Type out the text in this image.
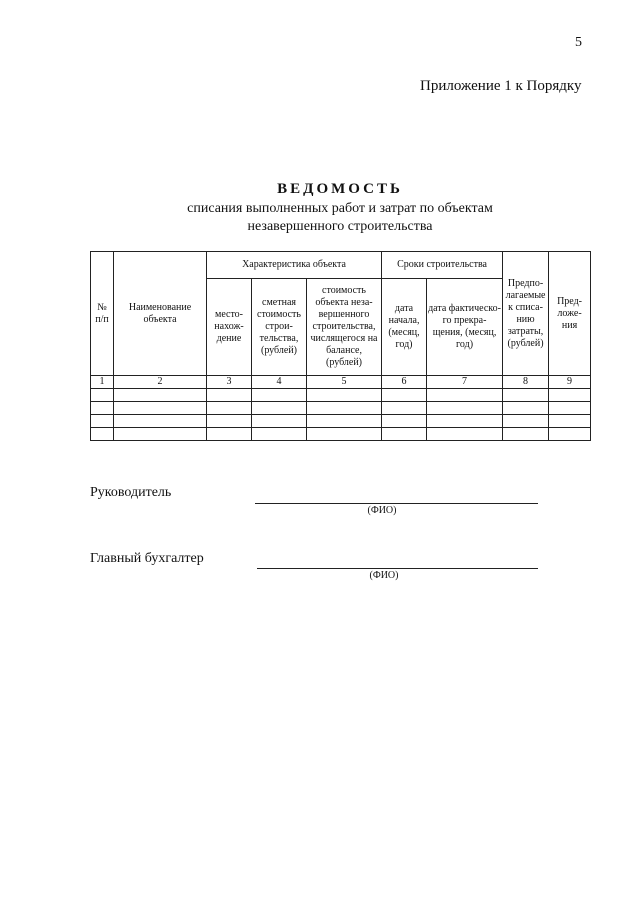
5
Приложение 1 к Порядку
ВЕДОМОСТЬ
списания выполненных работ и затрат по объектам
незавершенного строительства
№ п/п	Наименование объекта	Характеристика объекта			Сроки строительства		Предпо-лагаемые к списа-нию затраты, (рублей)	Пред-ложе-ния
		место-нахож-дение	сметная стоимость строи-тельства, (рублей)	стоимость объекта неза-вершенного строительства, числящегося на балансе, (рублей)	дата начала, (месяц, год)	дата фактическо-го прекра-щения, (месяц, год)		
1	2	3	4	5	6	7	8	9

Руководитель
(ФИО)
Главный бухгалтер
(ФИО)
